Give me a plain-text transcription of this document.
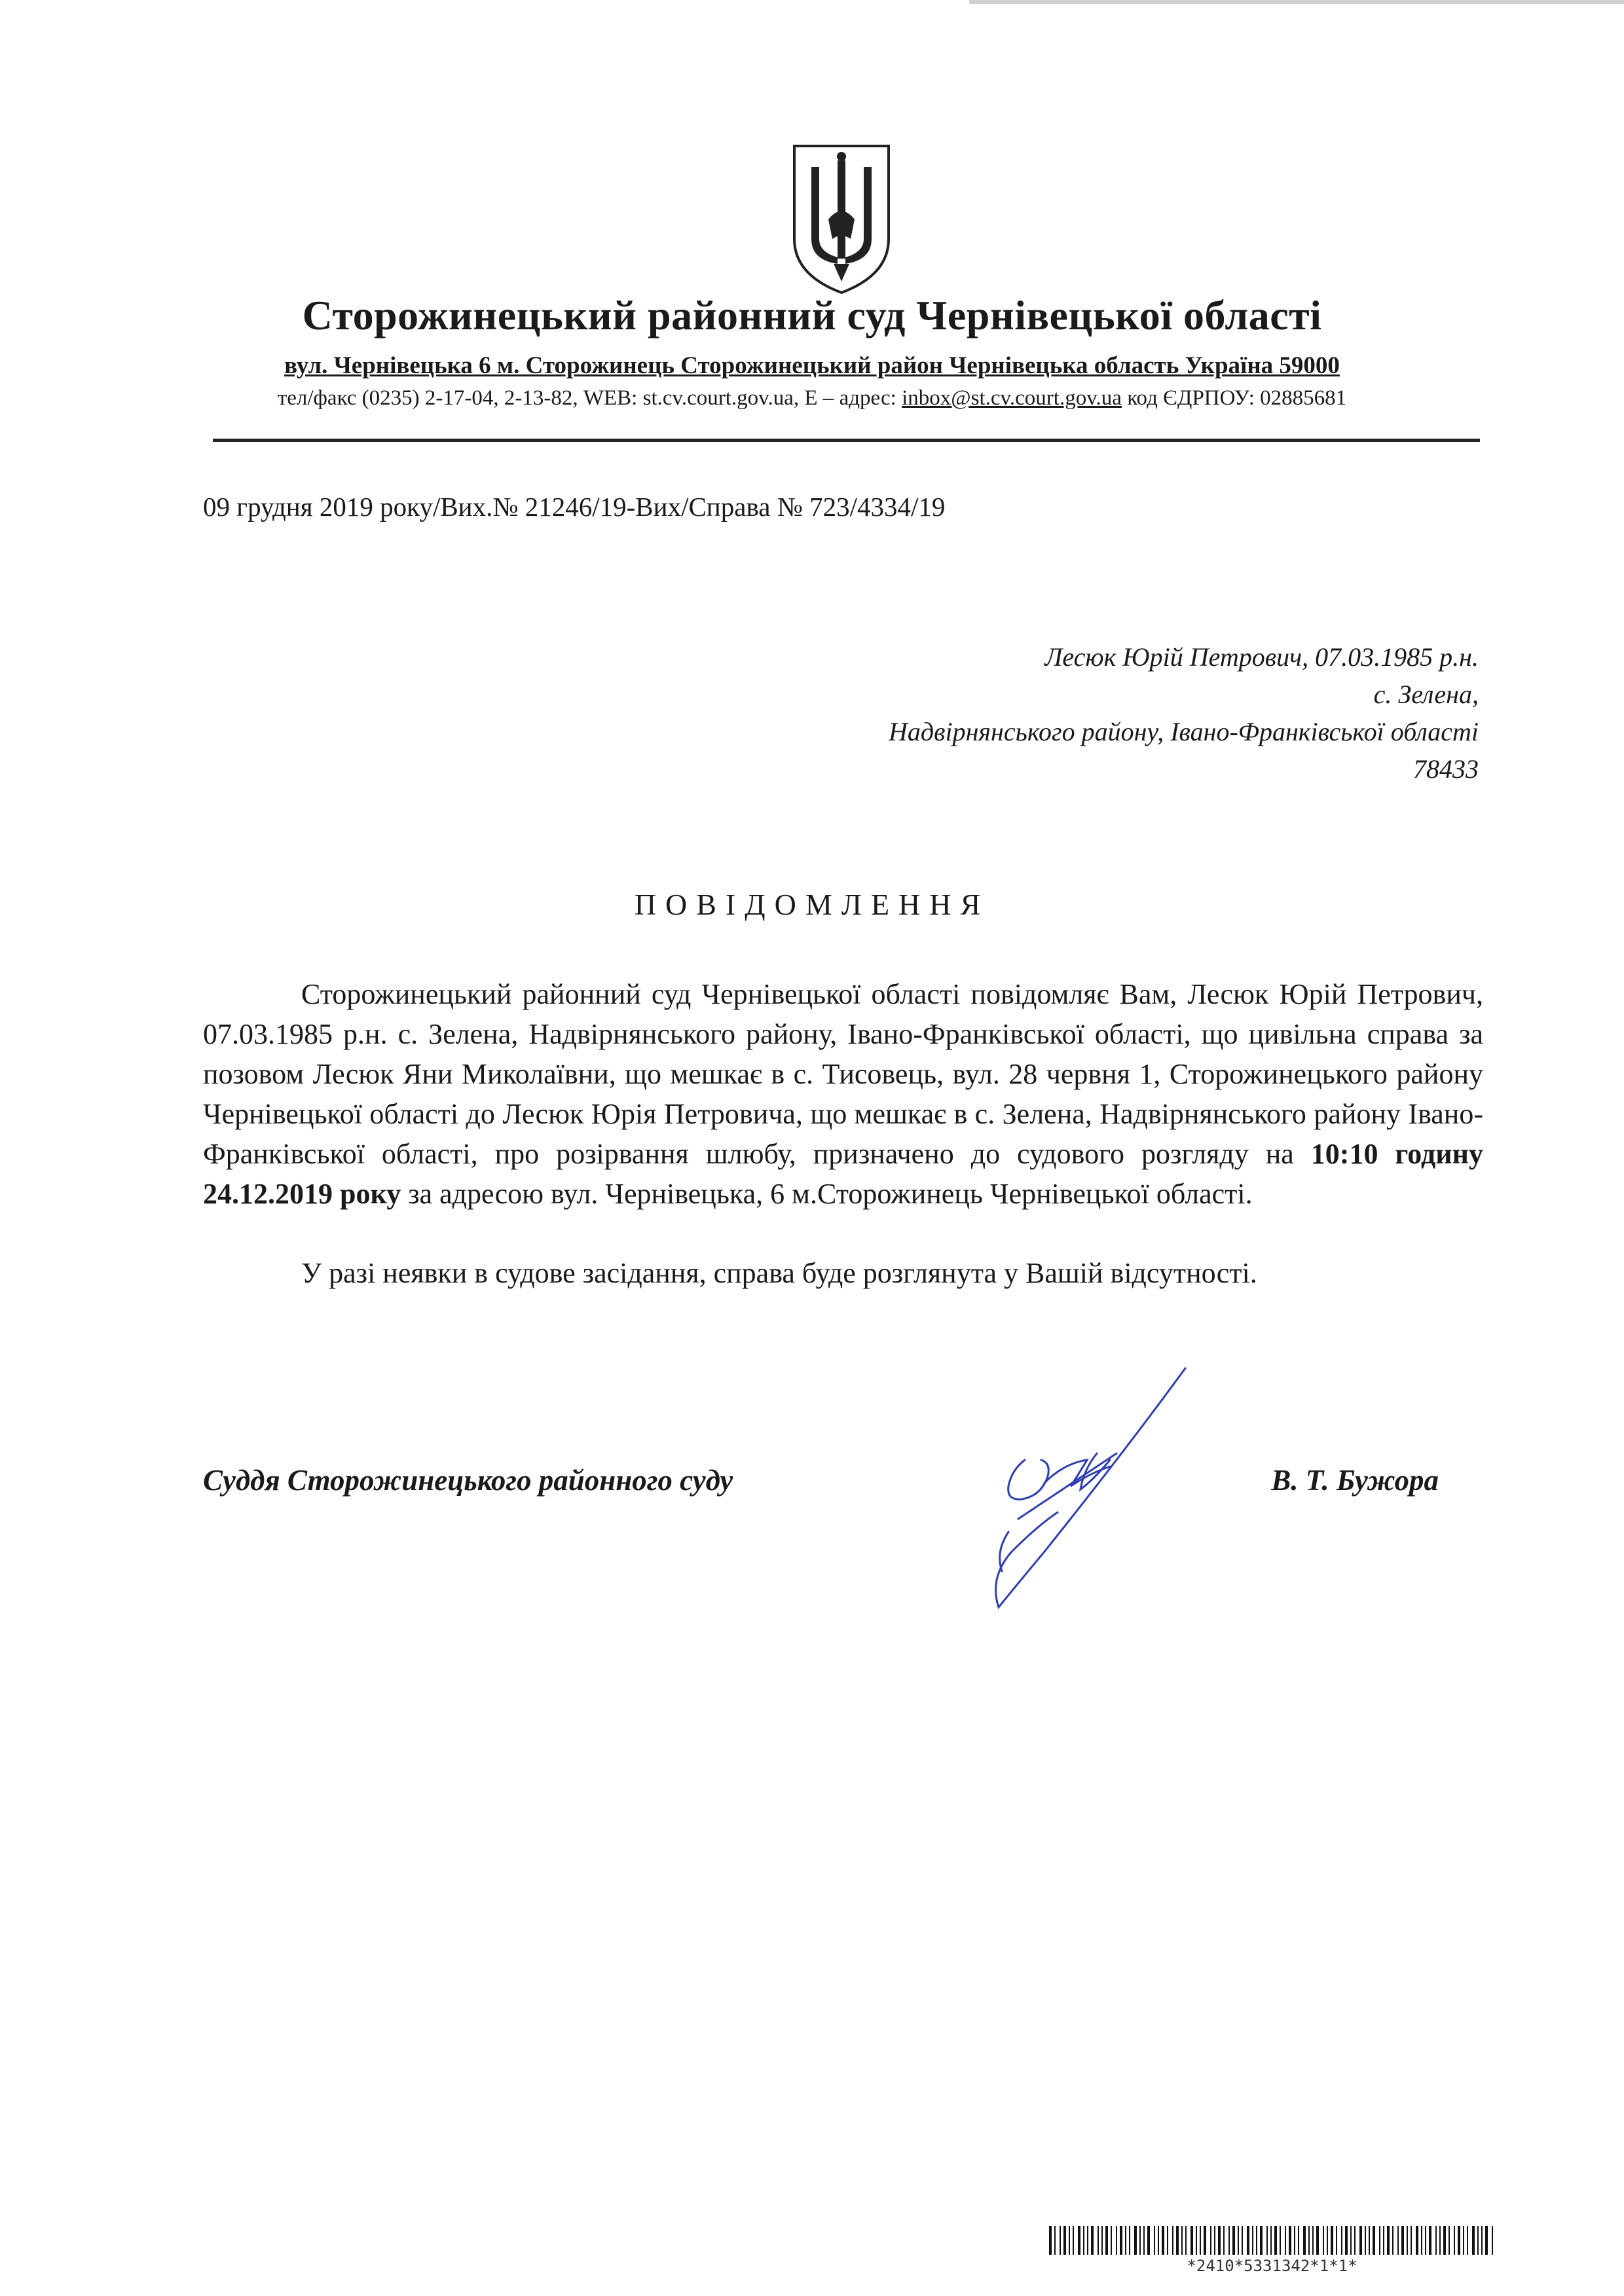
Сторожинецький районний суд Чернівецької області
вул. Чернівецька 6 м. Сторожинець Сторожинецький район Чернівецька область Україна 59000
тел/факс (0235) 2-17-04, 2-13-82, WEB: st.cv.court.gov.ua, E – адрес: inbox@st.cv.court.gov.ua код ЄДРПОУ: 02885681
09 грудня 2019 року/Вих.№ 21246/19-Вих/Справа № 723/4334/19
Лесюк Юрій Петрович, 07.03.1985 р.н.
с. Зелена,
Надвірнянського району, Івано-Франківської області
78433
ПОВІДОМЛЕННЯ

Сторожинецький районний суд Чернівецької області повідомляє Вам, Лесюк Юрій Петрович, 07.03.1985 р.н. с. Зелена, Надвірнянського району, Івано-Франківської області, що цивільна справа за позовом Лесюк Яни Миколаївни, що мешкає в с. Тисовець, вул. 28 червня 1, Сторожинецького району Чернівецької області до Лесюк Юрія Петровича, що мешкає в с. Зелена, Надвірнянського району Івано-Франківської області, про розірвання шлюбу, призначено до судового розгляду на 10:10 годину 24.12.2019 року за адресою вул. Чернівецька, 6 м.Сторожинець Чернівецької області.

У разі неявки в судове засідання, справа буде розглянута у Вашій відсутності.

Суддя Сторожинецького районного суду	В. Т. Бужора
*2410*5331342*1*1*
